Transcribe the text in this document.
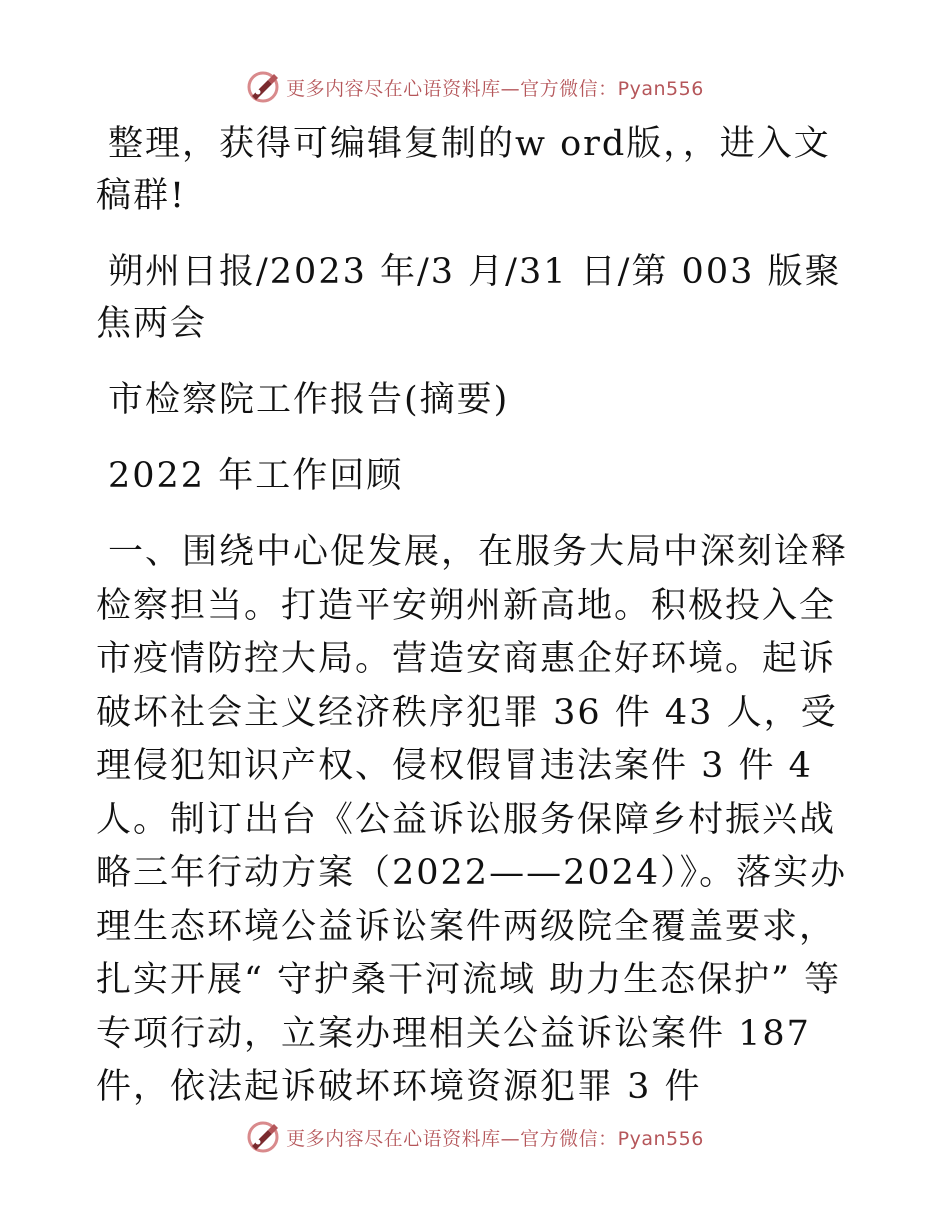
更多内容尽在心语资料库—官方微信：Pyan556

整理，获得可编辑复制的w ord版，，进入文稿群!

朔州日报/2023 年/3 月/31 日/第 003 版聚焦两会

市检察院工作报告(摘要)

2022 年工作回顾

一、围绕中心促发展，在服务大局中深刻诠释检察担当。打造平安朔州新高地。积极投入全市疫情防控大局。营造安商惠企好环境。起诉破坏社会主义经济秩序犯罪 36 件 43 人，受理侵犯知识产权、侵权假冒违法案件 3 件 4 人。制订出台《公益诉讼服务保障乡村振兴战略三年行动方案（2022——2024）》。落实办理生态环境公益诉讼案件两级院全覆盖要求，扎实开展“ 守护桑干河流域 助力生态保护” 等专项行动，立案办理相关公益诉讼案件 187 件，依法起诉破坏环境资源犯罪 3 件

更多内容尽在心语资料库—官方微信：Pyan556
